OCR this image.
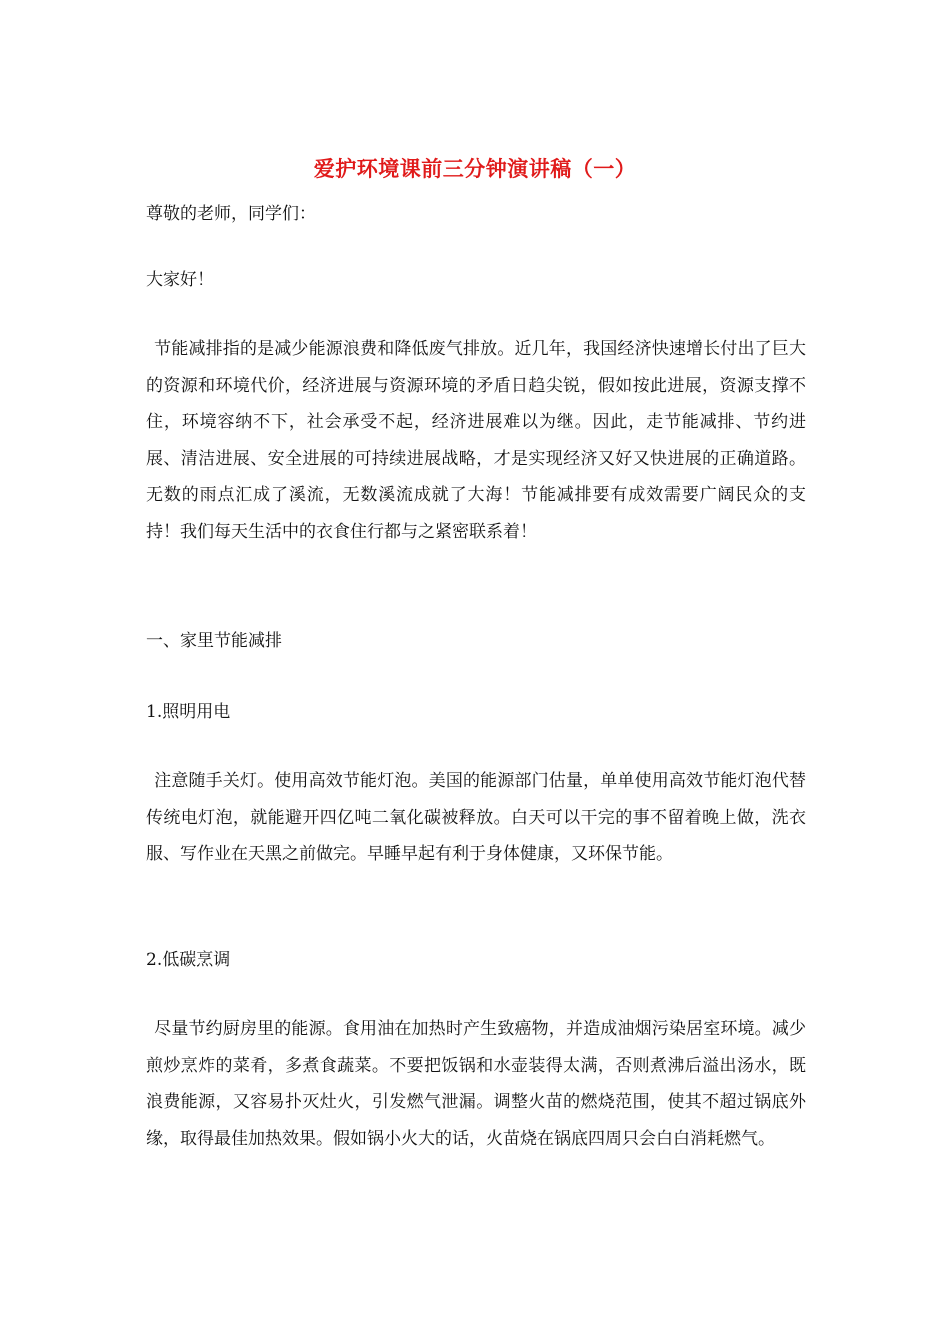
爱护环境课前三分钟演讲稿（一）
尊敬的老师，同学们：
大家好！

节能减排指的是减少能源浪费和降低废气排放。近几年，我国经济快速增长付出了巨大的资源和环境代价，经济进展与资源环境的矛盾日趋尖锐，假如按此进展，资源支撑不住，环境容纳不下，社会承受不起，经济进展难以为继。因此，走节能减排、节约进展、清洁进展、安全进展的可持续进展战略，才是实现经济又好又快进展的正确道路。无数的雨点汇成了溪流，无数溪流成就了大海！节能减排要有成效需要广阔民众的支持！我们每天生活中的衣食住行都与之紧密联系着！

一、家里节能减排
1.照明用电

注意随手关灯。使用高效节能灯泡。美国的能源部门估量，单单使用高效节能灯泡代替传统电灯泡，就能避开四亿吨二氧化碳被释放。白天可以干完的事不留着晚上做，洗衣服、写作业在天黑之前做完。早睡早起有利于身体健康，又环保节能。

2.低碳烹调

尽量节约厨房里的能源。食用油在加热时产生致癌物，并造成油烟污染居室环境。减少煎炒烹炸的菜肴，多煮食蔬菜。不要把饭锅和水壶装得太满，否则煮沸后溢出汤水，既浪费能源，又容易扑灭灶火，引发燃气泄漏。调整火苗的燃烧范围，使其不超过锅底外缘，取得最佳加热效果。假如锅小火大的话，火苗烧在锅底四周只会白白消耗燃气。
